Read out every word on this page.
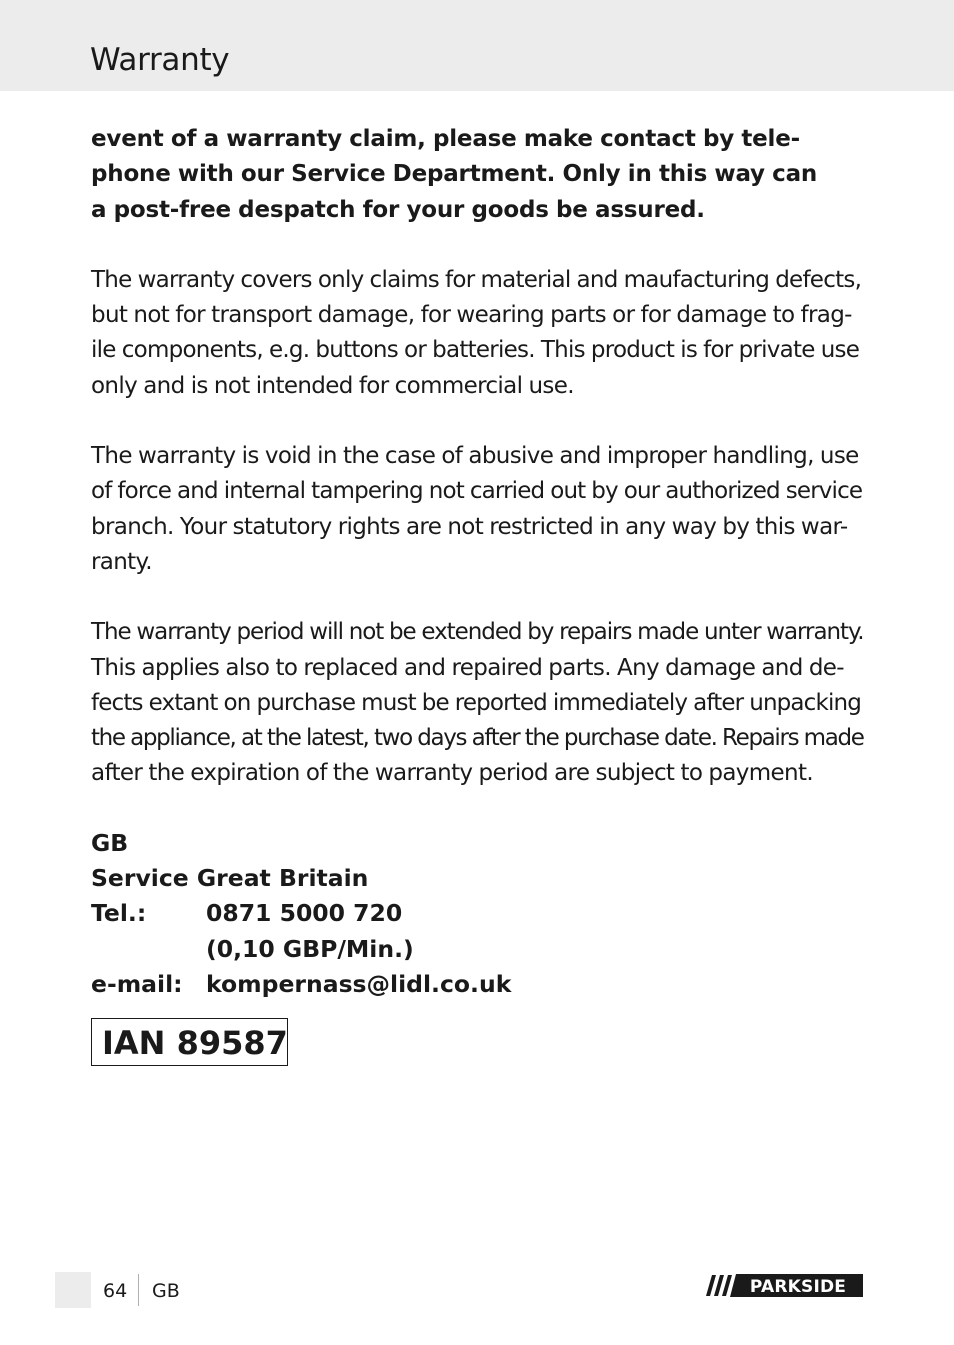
Warranty

event of a warranty claim, please make contact by tele-
phone with our Service Department. Only in this way can
a post-free despatch for your goods be assured.

The warranty covers only claims for material and maufacturing defects,
but not for transport damage, for wearing parts or for damage to frag-
ile components, e.g. buttons or batteries. This product is for private use
only and is not intended for commercial use.

The warranty is void in the case of abusive and improper handling, use
of force and internal tampering not carried out by our authorized service
branch. Your statutory rights are not restricted in any way by this war-
ranty.

The warranty period will not be extended by repairs made unter warranty.
This applies also to replaced and repaired parts. Any damage and de-
fects extant on purchase must be reported immediately after unpacking
the appliance, at the latest, two days after the purchase date. Repairs made
after the expiration of the warranty period are subject to payment.

GB
Service Great Britain
Tel.:	0871 5000 720
(0,10 GBP/Min.)
e-mail: kompernass@lidl.co.uk
IAN 89587
64 GB	PARKSIDE
